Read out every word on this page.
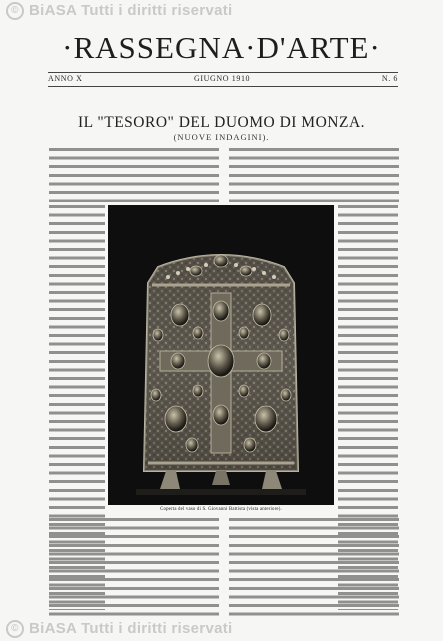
© BiASA Tutti i diritti riservati
·RASSEGNA·D'ARTE·
ANNO X	GIUGNO 1910	N. 6
IL "TESORO" DEL DUOMO DI MONZA.
(NUOVE INDAGINI).
Coperta del vaso di S. Giovanni Battista (vista anteriore).
© BiASA Tutti i diritti riservati
